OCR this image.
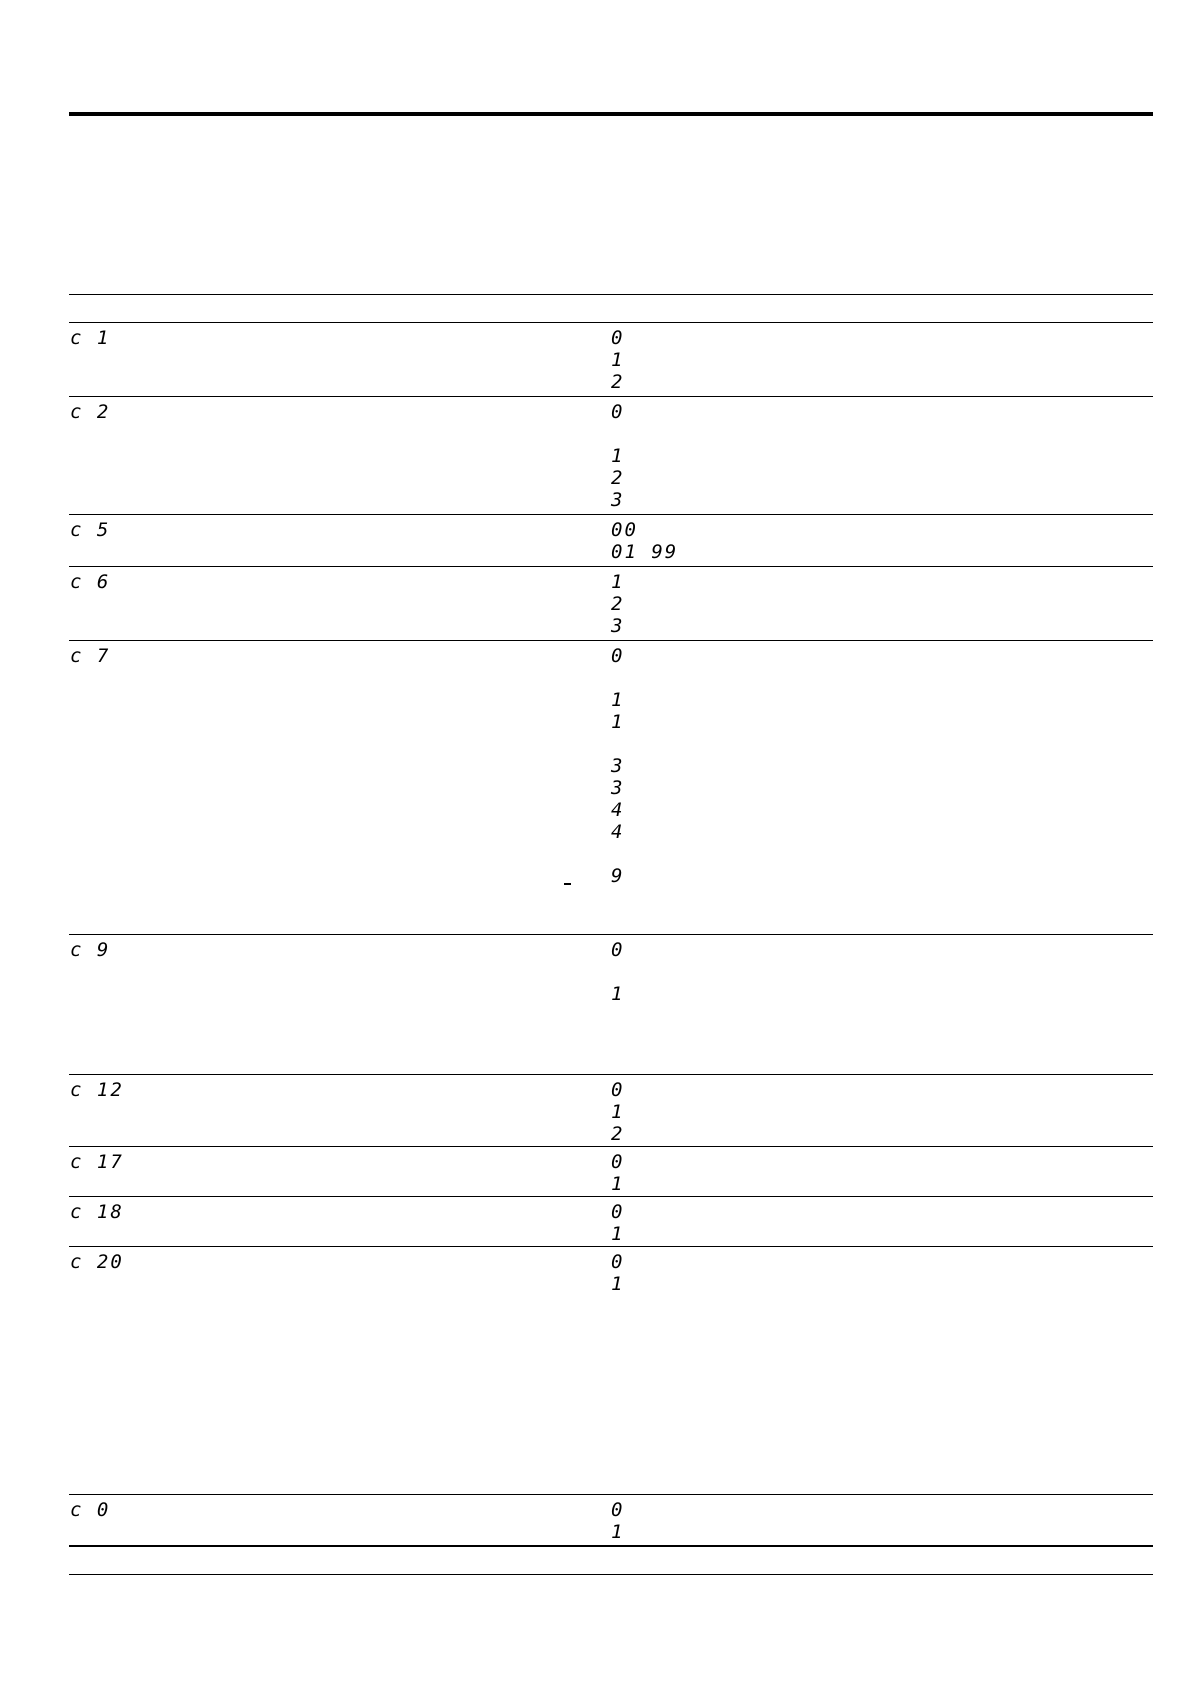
c 1	0
1
2
c 2	0
1
2
3
c 5	00
01 99
c 6	1
2
3
c 7	0
1
1
3
3
4
4
9
c 9	0
1
c 12	0
1
2
c 17	0
1
c 18	0
1
c 20	0
1
c 0	0
1
